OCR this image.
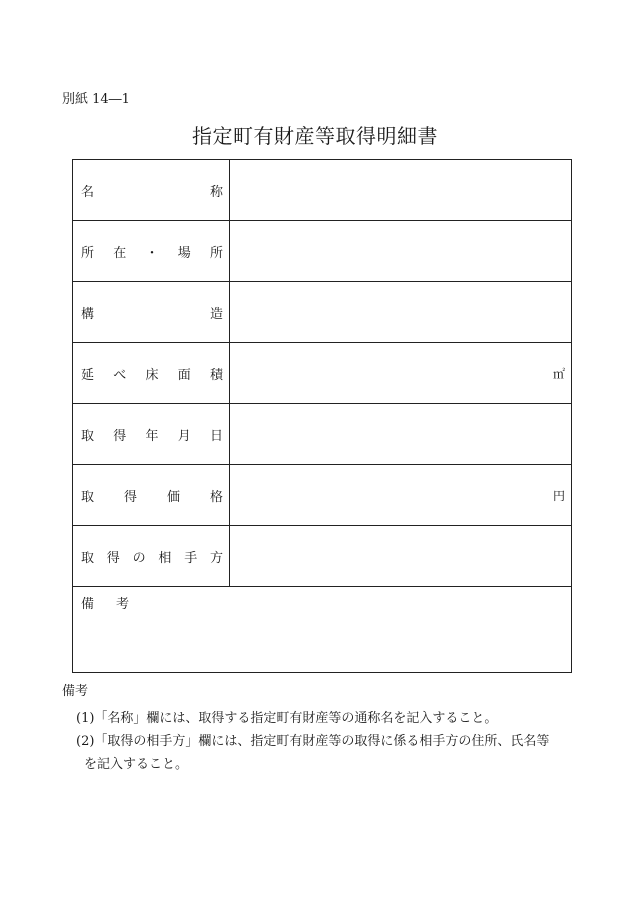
別紙 14―1
指定町有財産等取得明細書
名	称
所 在 ・ 場 所
構	造
延 べ 床 面 積	㎡
取 得 年 月 日
取 得 価 格	円
取 得 の 相 手 方
備 考
備考
(1)「名称」欄には、取得する指定町有財産等の通称名を記入すること。
(2)「取得の相手方」欄には、指定町有財産等の取得に係る相手方の住所、氏名等
を記入すること。
